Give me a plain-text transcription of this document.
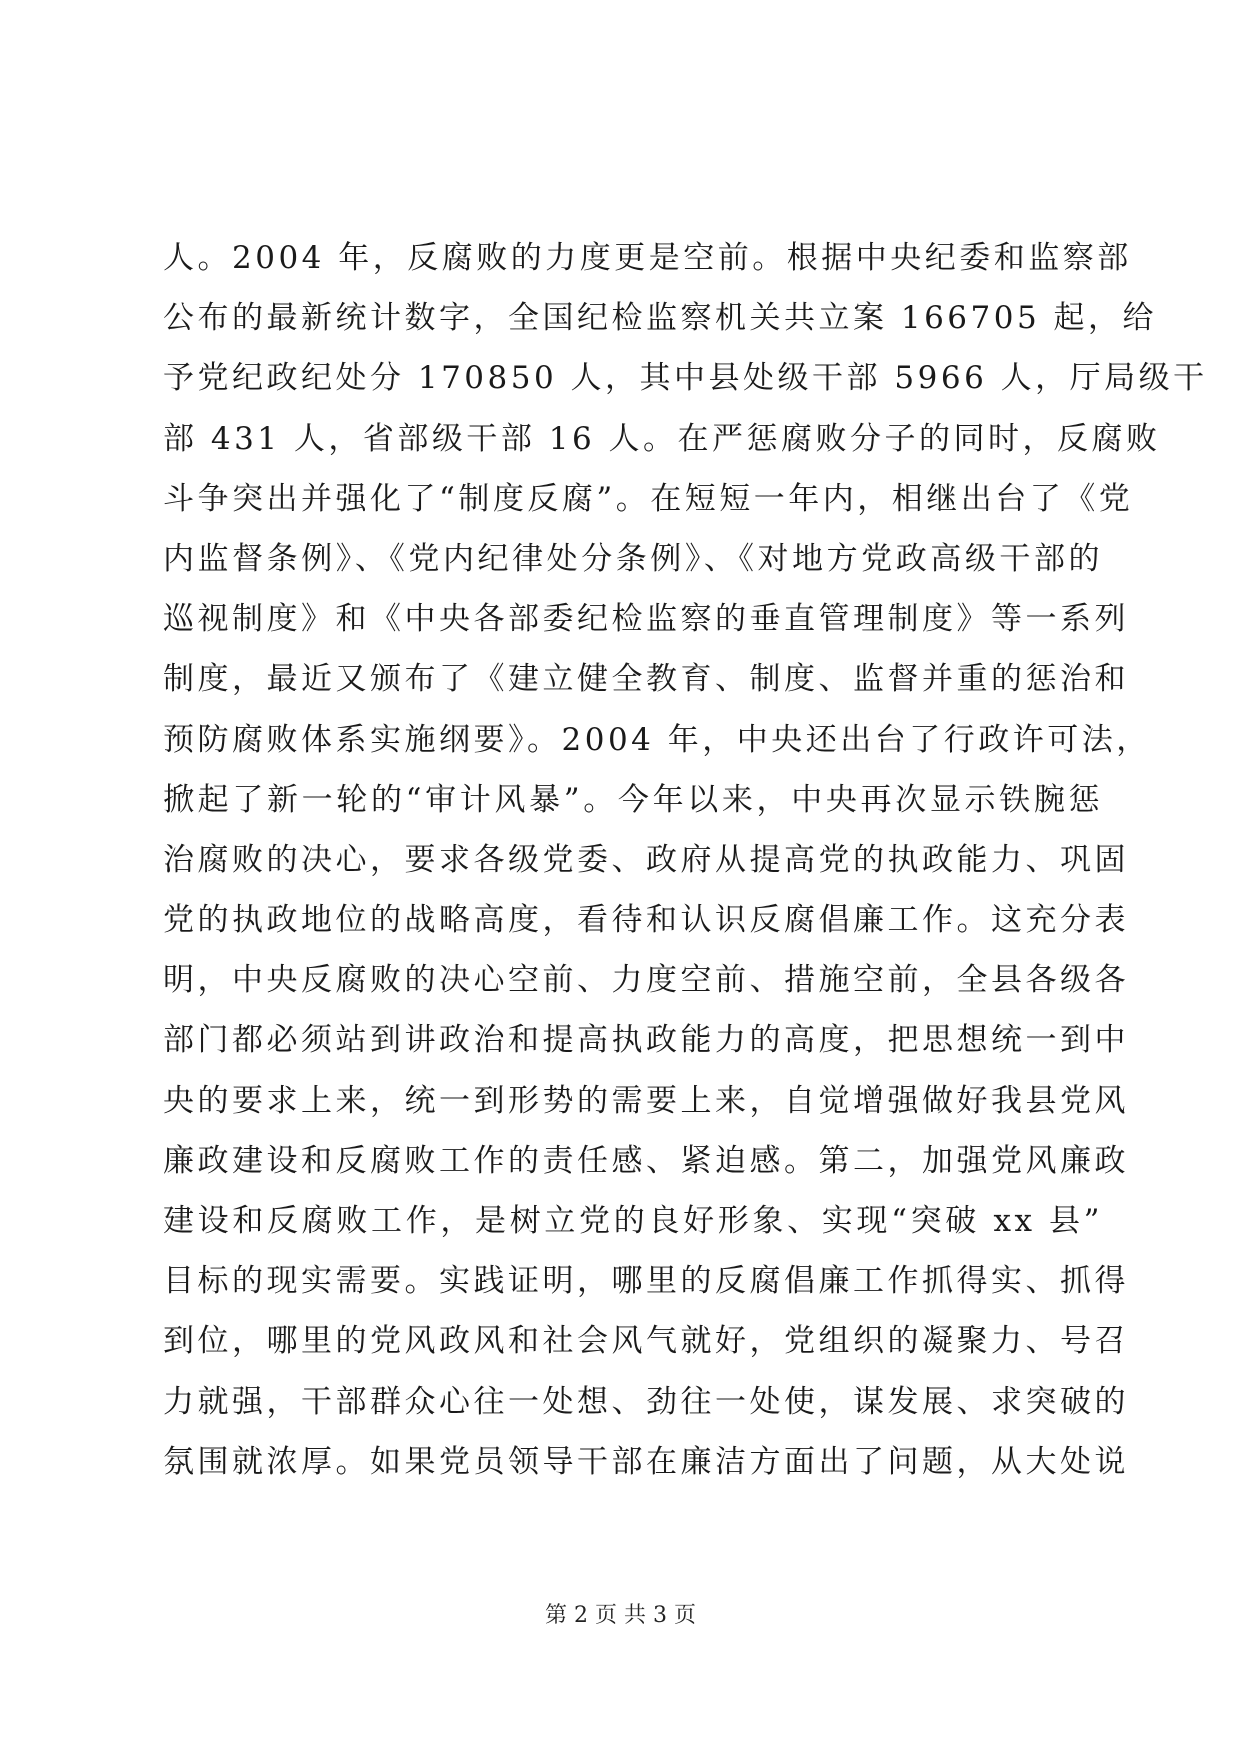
人。2004 年，反腐败的力度更是空前。根据中央纪委和监察部
公布的最新统计数字，全国纪检监察机关共立案 166705 起，给
予党纪政纪处分 170850 人，其中县处级干部 5966 人，厅局级干
部 431 人，省部级干部 16 人。在严惩腐败分子的同时，反腐败
斗争突出并强化了“制度反腐”。在短短一年内，相继出台了《党
内监督条例》、《党内纪律处分条例》、《对地方党政高级干部的
巡视制度》和《中央各部委纪检监察的垂直管理制度》等一系列
制度，最近又颁布了《建立健全教育、制度、监督并重的惩治和
预防腐败体系实施纲要》。2004 年，中央还出台了行政许可法，
掀起了新一轮的“审计风暴”。今年以来，中央再次显示铁腕惩
治腐败的决心，要求各级党委、政府从提高党的执政能力、巩固
党的执政地位的战略高度，看待和认识反腐倡廉工作。这充分表
明，中央反腐败的决心空前、力度空前、措施空前，全县各级各
部门都必须站到讲政治和提高执政能力的高度，把思想统一到中
央的要求上来，统一到形势的需要上来，自觉增强做好我县党风
廉政建设和反腐败工作的责任感、紧迫感。第二，加强党风廉政
建设和反腐败工作，是树立党的良好形象、实现“突破 xx 县”
目标的现实需要。实践证明，哪里的反腐倡廉工作抓得实、抓得
到位，哪里的党风政风和社会风气就好，党组织的凝聚力、号召
力就强，干部群众心往一处想、劲往一处使，谋发展、求突破的
氛围就浓厚。如果党员领导干部在廉洁方面出了问题，从大处说
第 2 页 共 3 页
